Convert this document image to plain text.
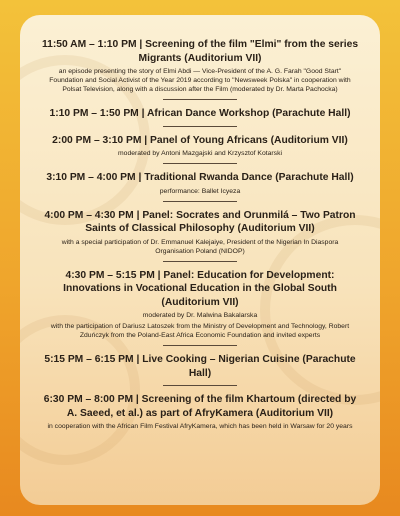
11:50 AM – 1:10 PM | Screening of the film "Elmi" from the series Migrants (Auditorium VII)

an episode presenting the story of Elmi Abdi — Vice-President of the A. G. Farah "Good Start" Foundation and Social Activist of the Year 2019 according to "Newsweek Polska" in cooperation with Polsat Television, along with a discussion after the Film (moderated by Dr. Marta Pachocka)

1:10 PM – 1:50 PM | African Dance Workshop (Parachute Hall)

2:00 PM – 3:10 PM | Panel of Young Africans (Auditorium VII)

moderated by Antoni Mazgajski and Krzysztof Kotarski

3:10 PM – 4:00 PM | Traditional Rwanda Dance (Parachute Hall)

performance: Ballet Icyeza

4:00 PM – 4:30 PM | Panel: Socrates and Orunmilá – Two Patron Saints of Classical Philosophy (Auditorium VII)

with a special participation of Dr. Emmanuel Kalejaiye, President of the Nigerian In Diaspora Organisation Poland (NIDOP)

4:30 PM – 5:15 PM | Panel: Education for Development: Innovations in Vocational Education in the Global South (Auditorium VII)

moderated by Dr. Malwina Bakalarska

with the participation of Dariusz Latoszek from the Ministry of Development and Technology, Robert Zduńczyk from the Poland-East Africa Economic Foundation and invited experts

5:15 PM – 6:15 PM | Live Cooking – Nigerian Cuisine (Parachute Hall)

6:30 PM – 8:00 PM | Screening of the film Khartoum (directed by A. Saeed, et al.) as part of AfryKamera (Auditorium VII)

in cooperation with the African Film Festival AfryKamera, which has been held in Warsaw for 20 years
